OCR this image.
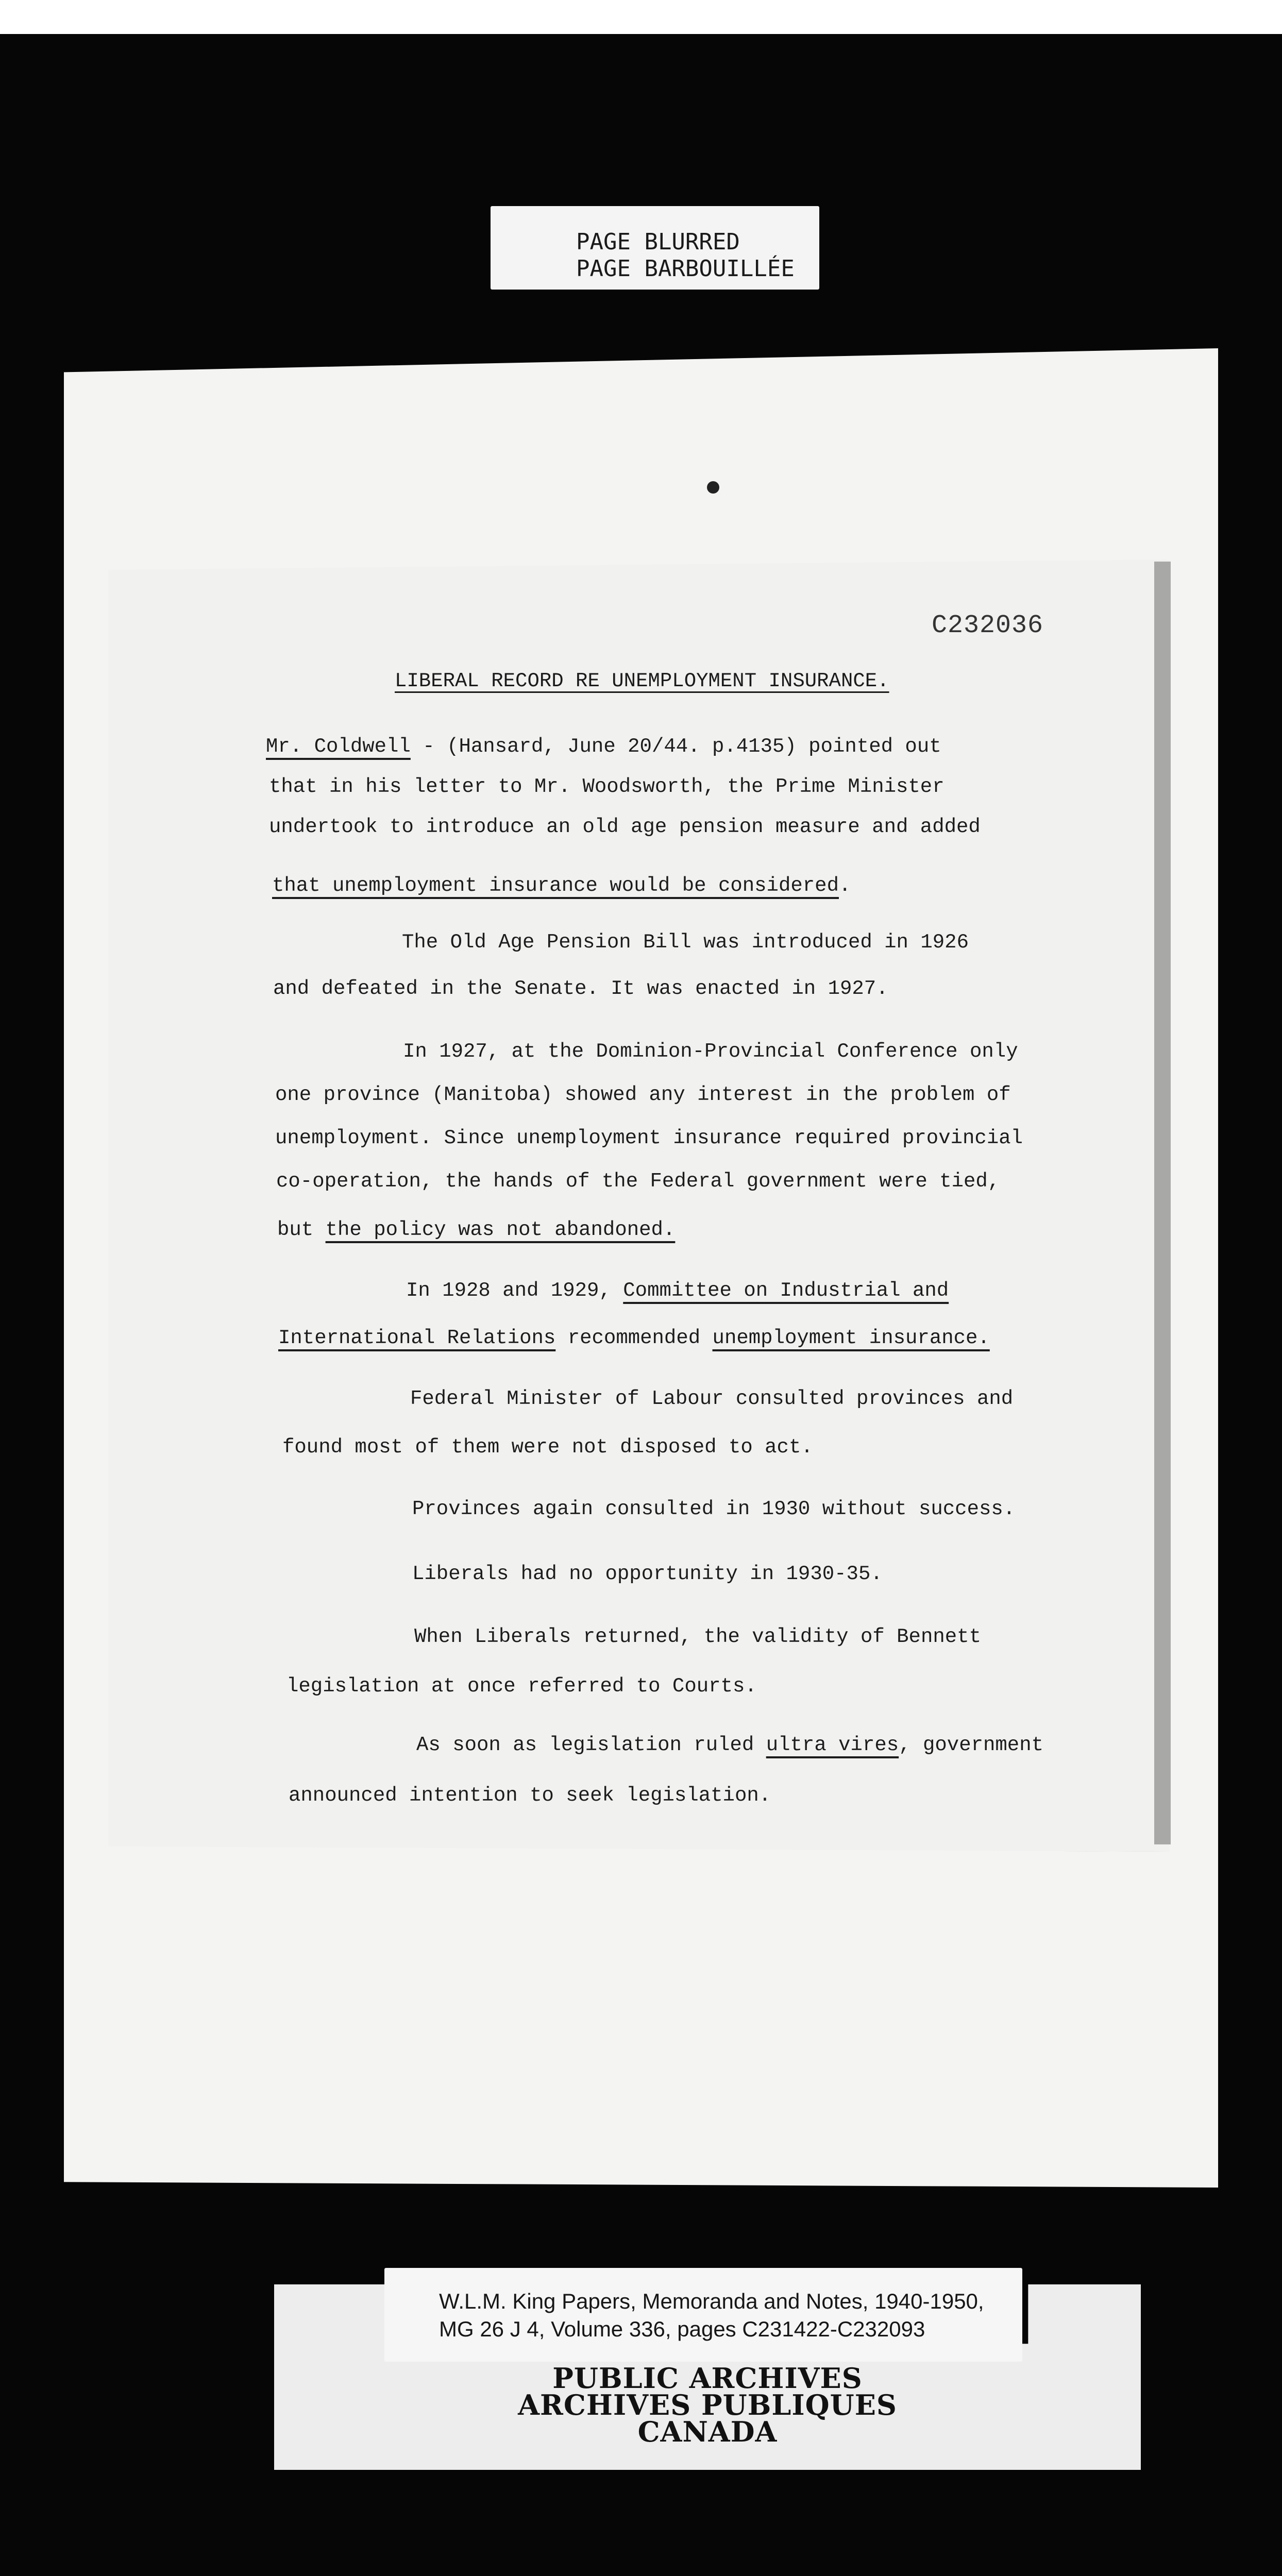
PAGE BLURRED
PAGE BARBOUILLÉE
C232036
LIBERAL RECORD RE UNEMPLOYMENT INSURANCE.
Mr. Coldwell - (Hansard, June 20/44. p.4135) pointed out
that in his letter to Mr. Woodsworth, the Prime Minister
undertook to introduce an old age pension measure and added
that unemployment insurance would be considered.
The Old Age Pension Bill was introduced in 1926
and defeated in the Senate. It was enacted in 1927.
In 1927, at the Dominion-Provincial Conference only
one province (Manitoba) showed any interest in the problem of
unemployment. Since unemployment insurance required provincial
co-operation, the hands of the Federal government were tied,
but the policy was not abandoned.
In 1928 and 1929, Committee on Industrial and
International Relations recommended unemployment insurance.
Federal Minister of Labour consulted provinces and
found most of them were not disposed to act.
Provinces again consulted in 1930 without success.
Liberals had no opportunity in 1930-35.
When Liberals returned, the validity of Bennett
legislation at once referred to Courts.
As soon as legislation ruled ultra vires, government
announced intention to seek legislation.
W.L.M. King Papers, Memoranda and Notes, 1940-1950,
MG 26 J 4, Volume 336, pages C231422-C232093
PUBLIC ARCHIVES
ARCHIVES PUBLIQUES
CANADA
